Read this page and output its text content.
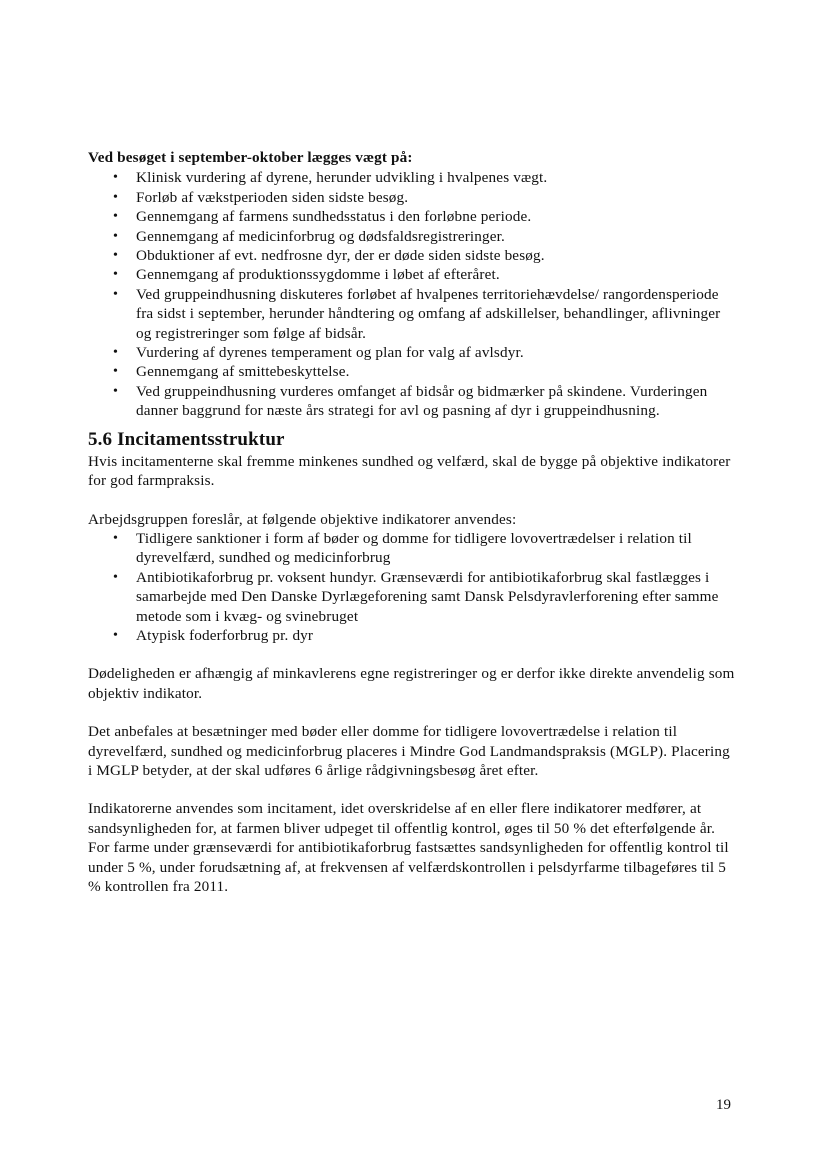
Ved besøget i september-oktober lægges vægt på:

• Klinisk vurdering af dyrene, herunder udvikling i hvalpenes vægt.
• Forløb af vækstperioden siden sidste besøg.
• Gennemgang af farmens sundhedsstatus i den forløbne periode.
• Gennemgang af medicinforbrug og dødsfaldsregistreringer.
• Obduktioner af evt. nedfrosne dyr, der er døde siden sidste besøg.
• Gennemgang af produktionssygdomme i løbet af efteråret.
• Ved gruppeindhusning diskuteres forløbet af hvalpenes territoriehævdelse/ rangordensperiode fra sidst i september, herunder håndtering og omfang af adskillelser, behandlinger, aflivninger og registreringer som følge af bidsår.
• Vurdering af dyrenes temperament og plan for valg af avlsdyr.
• Gennemgang af smittebeskyttelse.
• Ved gruppeindhusning vurderes omfanget af bidsår og bidmærker på skindene. Vurderingen danner baggrund for næste års strategi for avl og pasning af dyr i gruppeindhusning.
5.6 Incitamentsstruktur

Hvis incitamenterne skal fremme minkenes sundhed og velfærd, skal de bygge på objektive indikatorer for god farmpraksis.

Arbejdsgruppen foreslår, at følgende objektive indikatorer anvendes:

• Tidligere sanktioner i form af bøder og domme for tidligere lovovertrædelser i relation til dyrevelfærd, sundhed og medicinforbrug
• Antibiotikaforbrug pr. voksent hundyr. Grænseværdi for antibiotikaforbrug skal fastlægges i samarbejde med Den Danske Dyrlægeforening samt Dansk Pelsdyravlerforening efter samme metode som i kvæg- og svinebruget
• Atypisk foderforbrug pr. dyr

Dødeligheden er afhængig af minkavlerens egne registreringer og er derfor ikke direkte anvendelig som objektiv indikator.

Det anbefales at besætninger med bøder eller domme for tidligere lovovertrædelse i relation til dyrevelfærd, sundhed og medicinforbrug placeres i Mindre God Landmandspraksis (MGLP). Placering i MGLP betyder, at der skal udføres 6 årlige rådgivningsbesøg året efter.

Indikatorerne anvendes som incitament, idet overskridelse af en eller flere indikatorer medfører, at sandsynligheden for, at farmen bliver udpeget til offentlig kontrol, øges til 50 % det efterfølgende år. For farme under grænseværdi for antibiotikaforbrug fastsættes sandsynligheden for offentlig kontrol til under 5 %, under forudsætning af, at frekvensen af velfærdskontrollen i pelsdyrfarme tilbageføres til 5 % kontrollen fra 2011.

19
